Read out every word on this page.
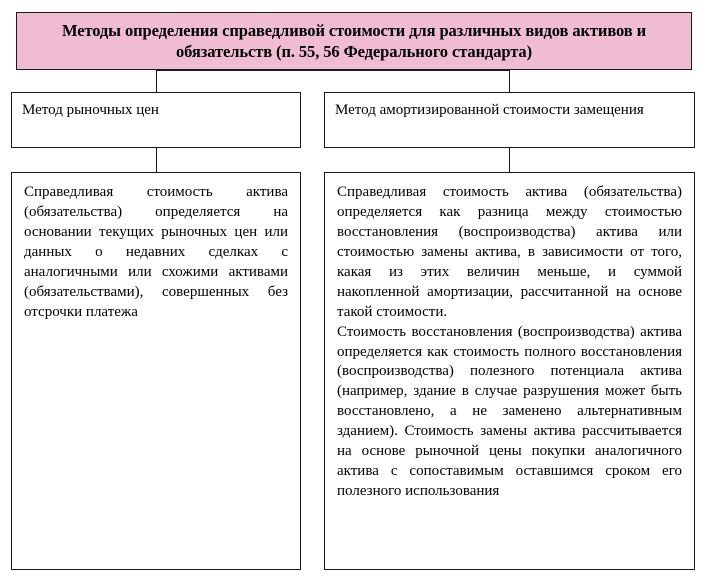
Методы определения справедливой стоимости для различных видов активов и обязательств (п. 55, 56 Федерального стандарта)
Метод рыночных цен	Метод амортизированной стоимости замещения

Справедливая стоимость актива (обязательства) определяется на основании текущих рыночных цен или данных о недавних сделках с аналогичными или схожими активами (обязательствами), совершенных без отсрочки платежа

Справедливая стоимость актива (обязательства) определяется как разница между стоимостью восстановления (воспроизводства) актива или стоимостью замены актива, в зависимости от того, какая из этих величин меньше, и суммой накопленной амортизации, рассчитанной на основе такой стоимости.

Стоимость восстановления (воспроизводства) актива определяется как стоимость полного восстановления (воспроизводства) полезного потенциала актива (например, здание в случае разрушения может быть восстановлено, а не заменено альтернативным зданием). Стоимость замены актива рассчитывается на основе рыночной цены покупки аналогичного актива с сопоставимым оставшимся сроком его полезного использования
